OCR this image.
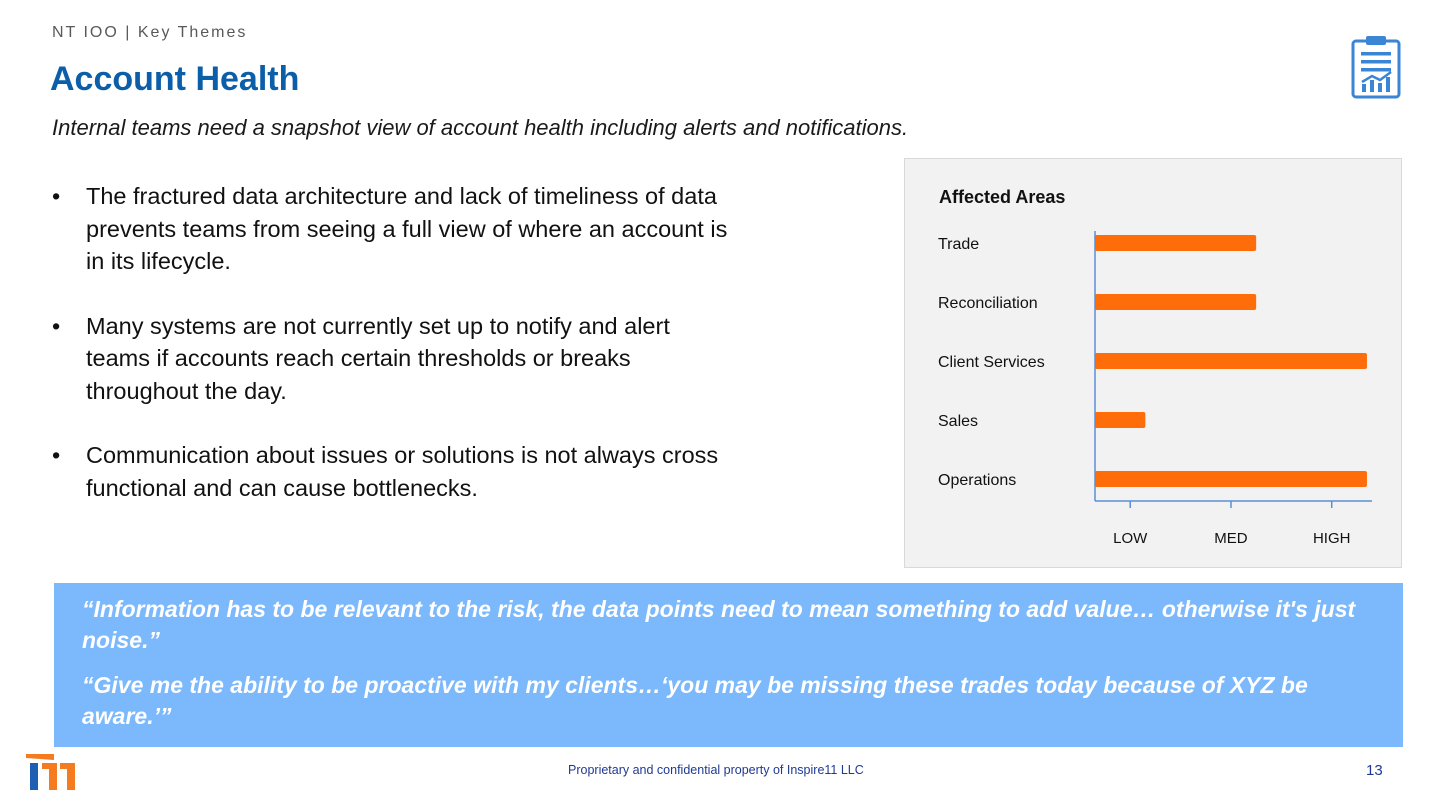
NT IOO | Key Themes
Account Health

Internal teams need a snapshot view of account health including alerts and notifications.

• The fractured data architecture and lack of timeliness of data prevents teams from seeing a full view of where an account is in its lifecycle.
• Many systems are not currently set up to notify and alert teams if accounts reach certain thresholds or breaks throughout the day.
• Communication about issues or solutions is not always cross functional and can cause bottlenecks.
Affected Areas
Trade
Reconciliation
Client Services
Sales
Operations
LOW	MED	HIGH

“Information has to be relevant to the risk, the data points need to mean something to add value… otherwise it's just noise.”

“Give me the ability to be proactive with my clients…‘you may be missing these trades today because of XYZ be aware.’”

Proprietary and confidential property of Inspire11 LLC	13
